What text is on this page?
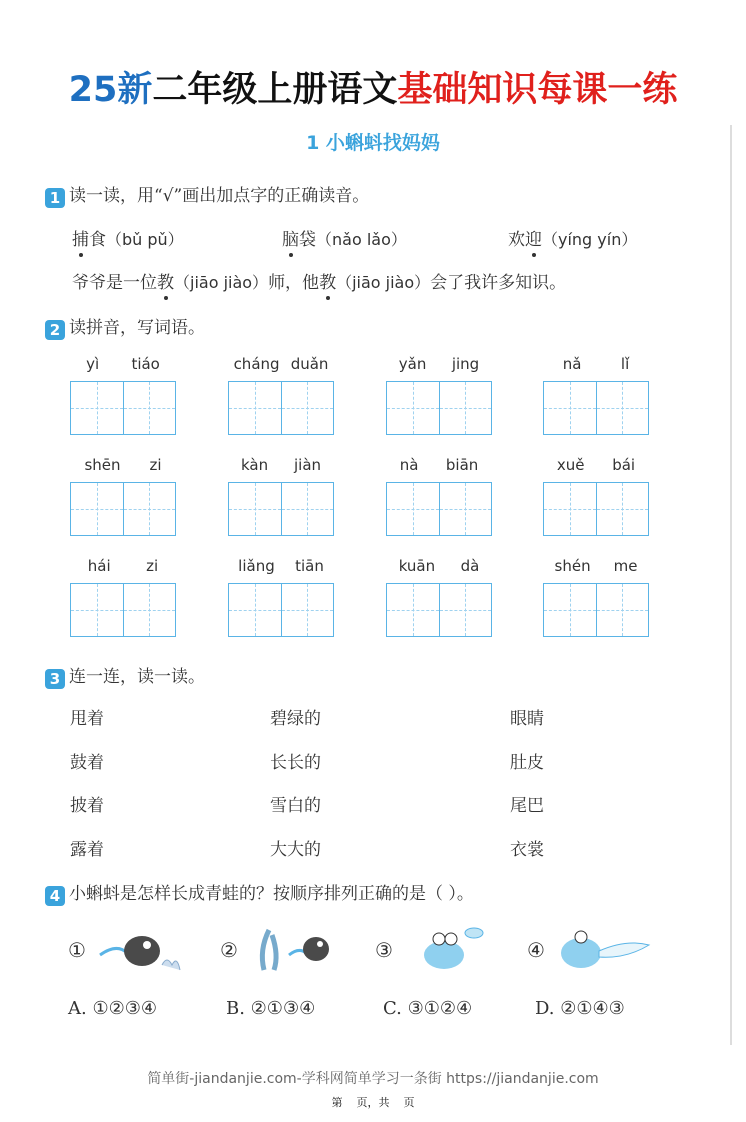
25新二年级上册语文基础知识每课一练
1 小蝌蚪找妈妈
1 读一读，用“√”画出加点字的正确读音。
捕食（bǔ pǔ）	脑袋（nǎo lǎo）	欢迎（yíng yín）
爷爷是一位教（jiāo jiào）师，他教（jiāo jiào）会了我许多知识。
2 读拼音，写词语。
yì tiáo	cháng duǎn	yǎn jing	nǎ	lǐ
shēn zi	kàn jiàn	nà biān	xuě bái
hái zi	liǎng tiān	kuān dà	shén me
3 连一连，读一读。
甩着
鼓着
披着
露着
碧绿的
长长的
雪白的
大大的
眼睛
肚皮
尾巴
衣裳
4 小蝌蚪是怎样长成青蛙的？按顺序排列正确的是（ ）。
①	②	③	④
A. ①②③④	B. ②①③④	C. ③①②④	D. ②①④③
简单街-jiandanjie.com-学科网简单学习一条街 https://jiandanjie.com
第    页，共    页
